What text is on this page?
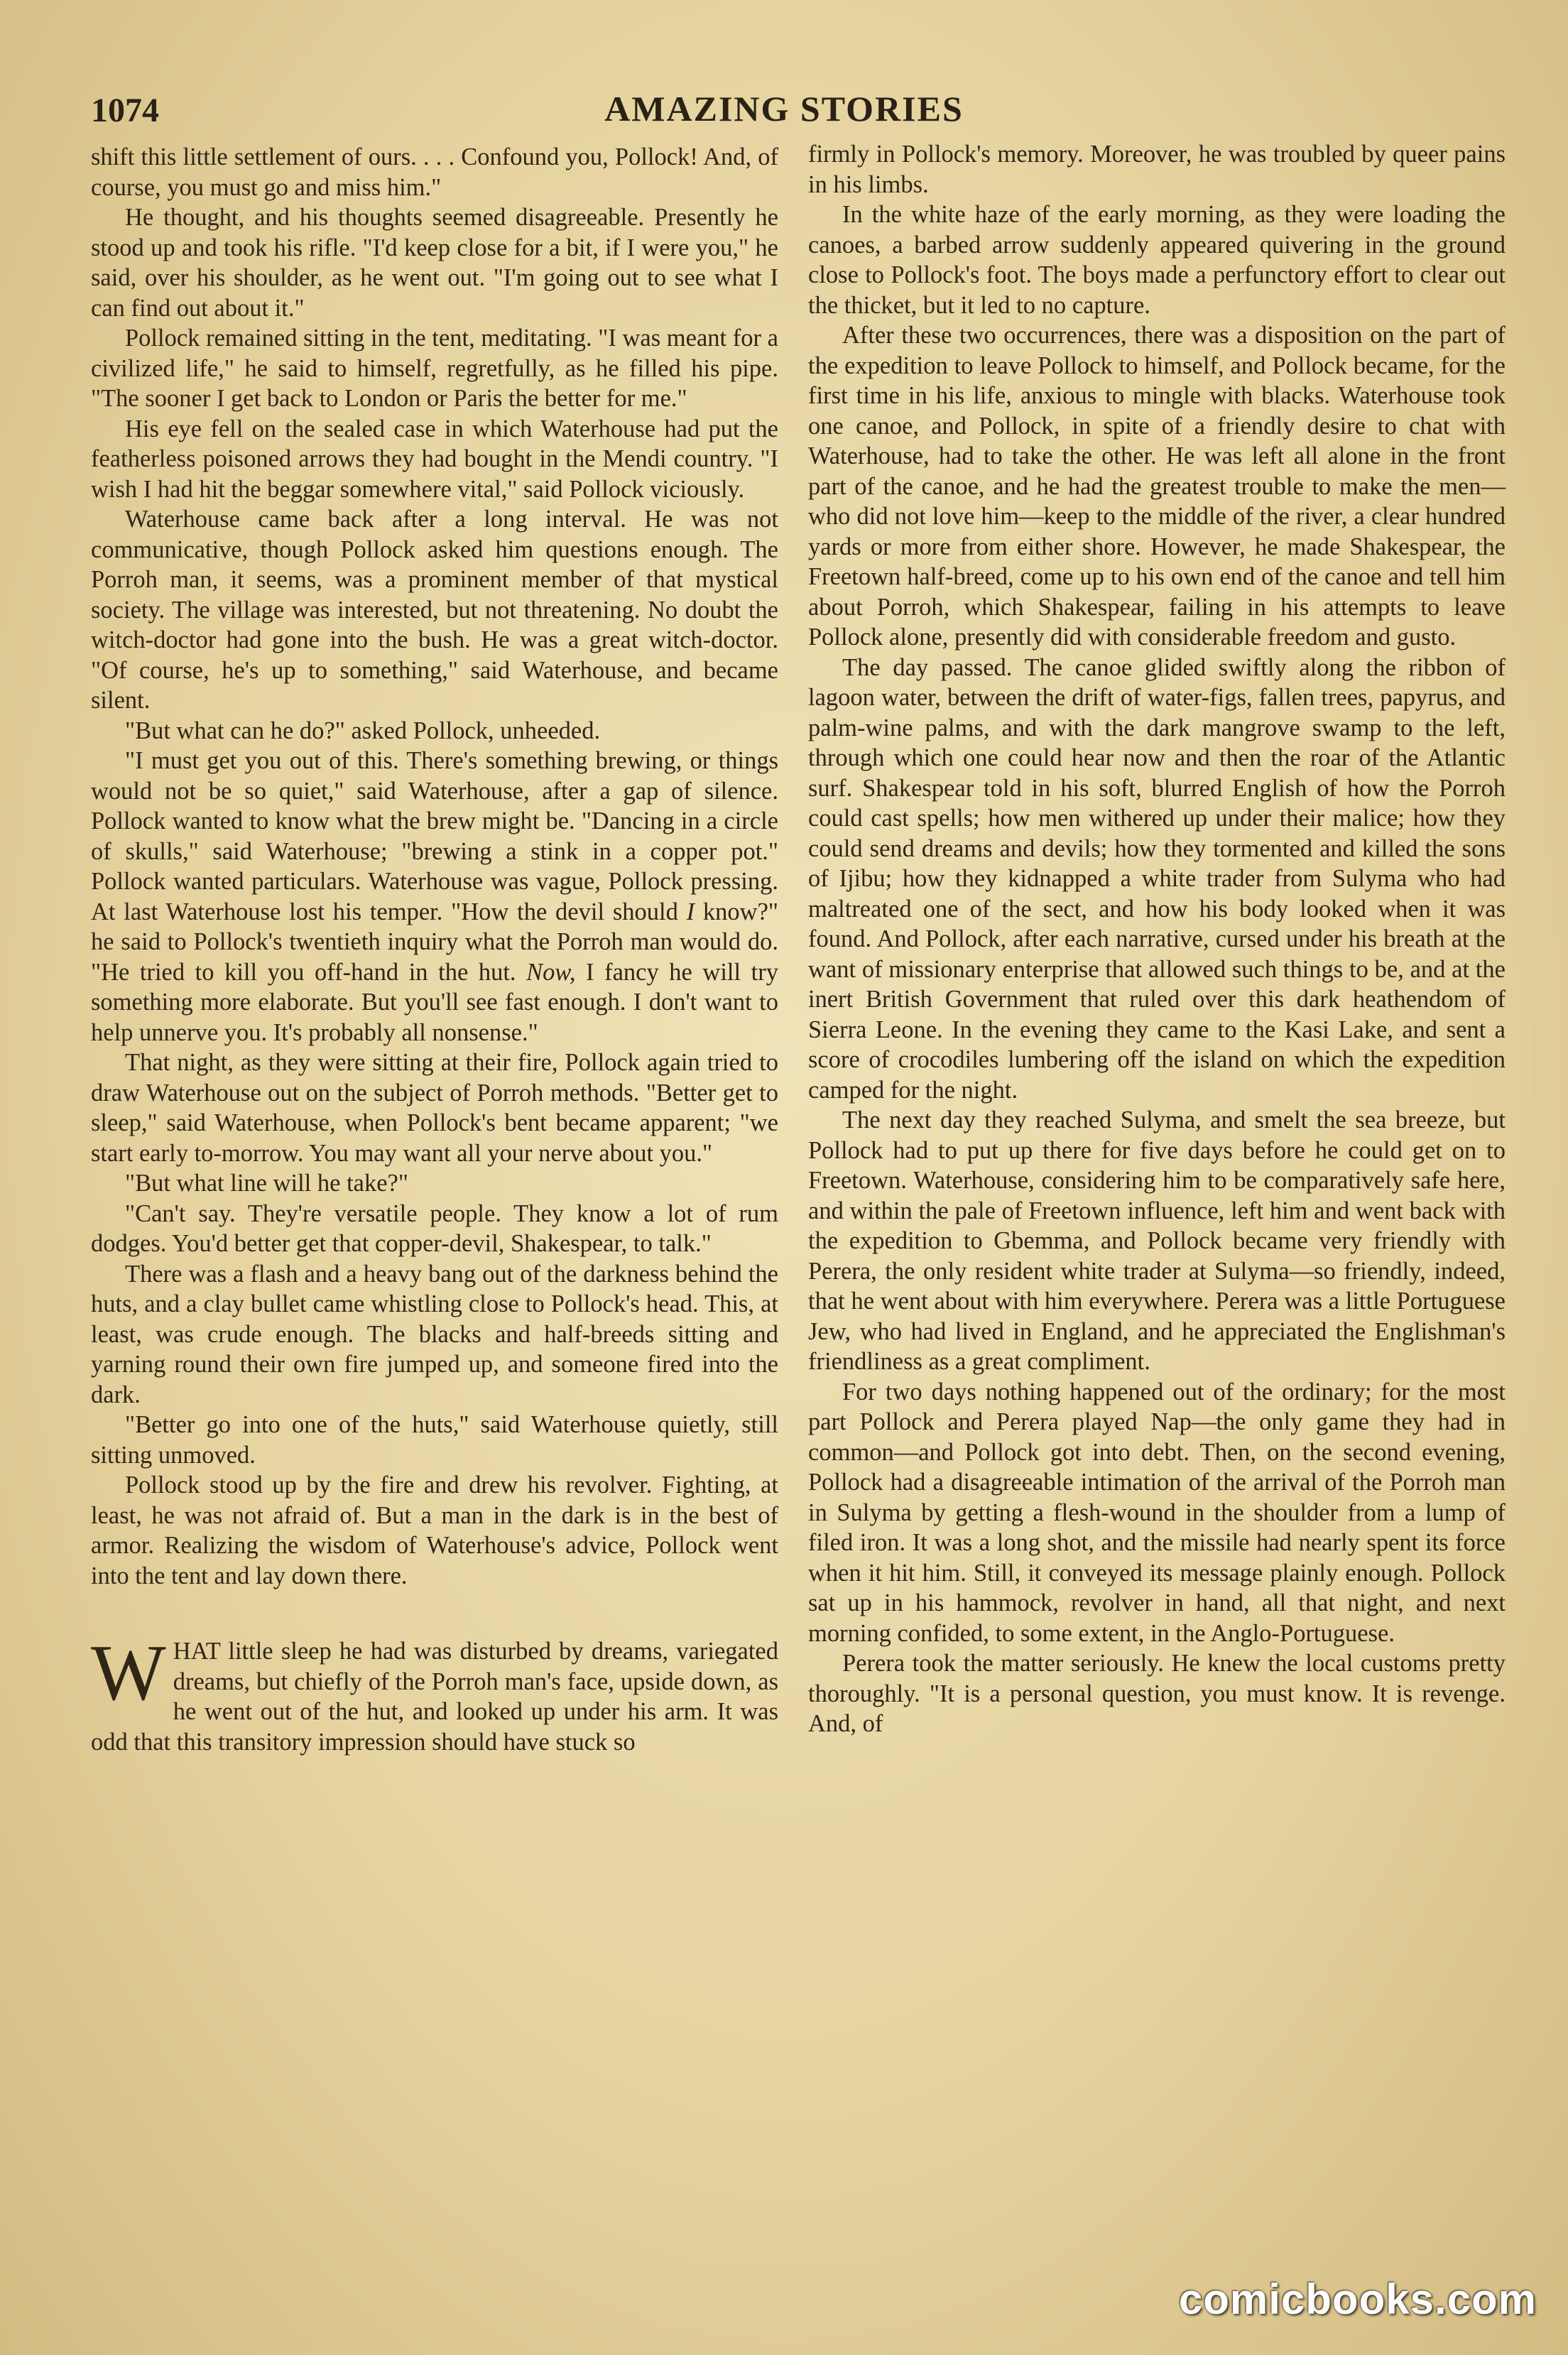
1074	AMAZING STORIES

shift this little settlement of ours. . . . Confound you, Pollock! And, of course, you must go and miss him."

He thought, and his thoughts seemed disagreeable. Presently he stood up and took his rifle. "I'd keep close for a bit, if I were you," he said, over his shoulder, as he went out. "I'm going out to see what I can find out about it."

Pollock remained sitting in the tent, meditating. "I was meant for a civilized life," he said to himself, regretfully, as he filled his pipe. "The sooner I get back to London or Paris the better for me."

His eye fell on the sealed case in which Waterhouse had put the featherless poisoned arrows they had bought in the Mendi country. "I wish I had hit the beggar somewhere vital," said Pollock viciously.

Waterhouse came back after a long interval. He was not communicative, though Pollock asked him questions enough. The Porroh man, it seems, was a prominent member of that mystical society. The village was interested, but not threatening. No doubt the witch-doctor had gone into the bush. He was a great witch-doctor. "Of course, he's up to something," said Waterhouse, and became silent.

"But what can he do?" asked Pollock, unheeded.

"I must get you out of this. There's something brewing, or things would not be so quiet," said Waterhouse, after a gap of silence. Pollock wanted to know what the brew might be. "Dancing in a circle of skulls," said Waterhouse; "brewing a stink in a copper pot." Pollock wanted particulars. Waterhouse was vague, Pollock pressing. At last Waterhouse lost his temper. "How the devil should I know?" he said to Pollock's twentieth inquiry what the Porroh man would do. "He tried to kill you off-hand in the hut. Now, I fancy he will try something more elaborate. But you'll see fast enough. I don't want to help unnerve you. It's probably all nonsense."

That night, as they were sitting at their fire, Pollock again tried to draw Waterhouse out on the subject of Porroh methods. "Better get to sleep," said Waterhouse, when Pollock's bent became apparent; "we start early to-morrow. You may want all your nerve about you."

"But what line will he take?"

"Can't say. They're versatile people. They know a lot of rum dodges. You'd better get that copper-devil, Shakespear, to talk."

There was a flash and a heavy bang out of the darkness behind the huts, and a clay bullet came whistling close to Pollock's head. This, at least, was crude enough. The blacks and half-breeds sitting and yarning round their own fire jumped up, and someone fired into the dark.

"Better go into one of the huts," said Waterhouse quietly, still sitting unmoved.

Pollock stood up by the fire and drew his revolver. Fighting, at least, he was not afraid of. But a man in the dark is in the best of armor. Realizing the wisdom of Waterhouse's advice, Pollock went into the tent and lay down there.

WHAT little sleep he had was disturbed by dreams, variegated dreams, but chiefly of the Porroh man's face, upside down, as he went out of the hut, and looked up under his arm. It was odd that this transitory impression should have stuck so

firmly in Pollock's memory. Moreover, he was troubled by queer pains in his limbs.

In the white haze of the early morning, as they were loading the canoes, a barbed arrow suddenly appeared quivering in the ground close to Pollock's foot. The boys made a perfunctory effort to clear out the thicket, but it led to no capture.

After these two occurrences, there was a disposition on the part of the expedition to leave Pollock to himself, and Pollock became, for the first time in his life, anxious to mingle with blacks. Waterhouse took one canoe, and Pollock, in spite of a friendly desire to chat with Waterhouse, had to take the other. He was left all alone in the front part of the canoe, and he had the greatest trouble to make the men—who did not love him—keep to the middle of the river, a clear hundred yards or more from either shore. However, he made Shakespear, the Freetown half-breed, come up to his own end of the canoe and tell him about Porroh, which Shakespear, failing in his attempts to leave Pollock alone, presently did with considerable freedom and gusto.

The day passed. The canoe glided swiftly along the ribbon of lagoon water, between the drift of water-figs, fallen trees, papyrus, and palm-wine palms, and with the dark mangrove swamp to the left, through which one could hear now and then the roar of the Atlantic surf. Shakespear told in his soft, blurred English of how the Porroh could cast spells; how men withered up under their malice; how they could send dreams and devils; how they tormented and killed the sons of Ijibu; how they kidnapped a white trader from Sulyma who had maltreated one of the sect, and how his body looked when it was found. And Pollock, after each narrative, cursed under his breath at the want of missionary enterprise that allowed such things to be, and at the inert British Government that ruled over this dark heathendom of Sierra Leone. In the evening they came to the Kasi Lake, and sent a score of crocodiles lumbering off the island on which the expedition camped for the night.

The next day they reached Sulyma, and smelt the sea breeze, but Pollock had to put up there for five days before he could get on to Freetown. Waterhouse, considering him to be comparatively safe here, and within the pale of Freetown influence, left him and went back with the expedition to Gbemma, and Pollock became very friendly with Perera, the only resident white trader at Sulyma—so friendly, indeed, that he went about with him everywhere. Perera was a little Portuguese Jew, who had lived in England, and he appreciated the Englishman's friendliness as a great compliment.

For two days nothing happened out of the ordinary; for the most part Pollock and Perera played Nap—the only game they had in common—and Pollock got into debt. Then, on the second evening, Pollock had a disagreeable intimation of the arrival of the Porroh man in Sulyma by getting a flesh-wound in the shoulder from a lump of filed iron. It was a long shot, and the missile had nearly spent its force when it hit him. Still, it conveyed its message plainly enough. Pollock sat up in his hammock, revolver in hand, all that night, and next morning confided, to some extent, in the Anglo-Portuguese.

Perera took the matter seriously. He knew the local customs pretty thoroughly. "It is a personal question, you must know. It is revenge. And, of

comicbooks.com
